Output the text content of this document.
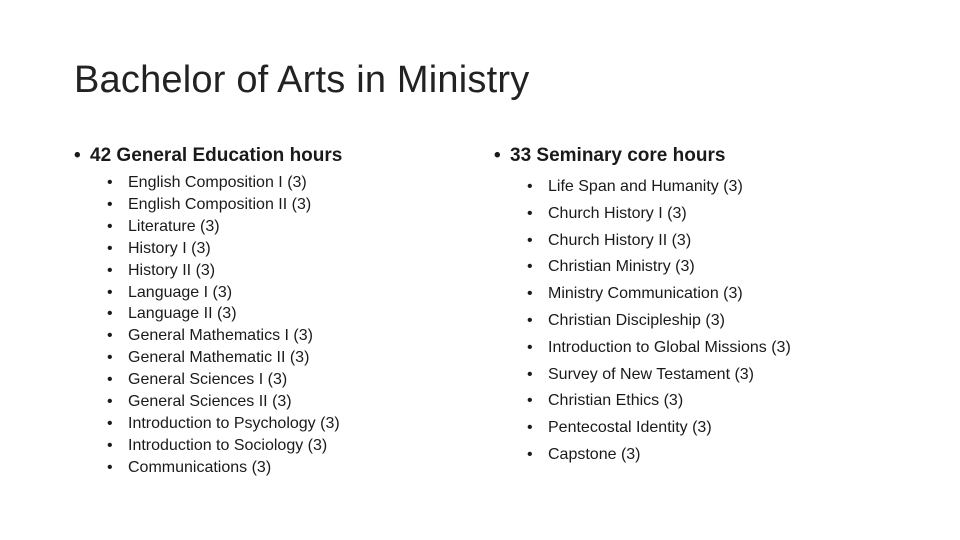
Bachelor of Arts in Ministry
• 42 General Education hours
• English Composition I (3)
• English Composition II (3)
• Literature (3)
• History I (3)
• History II (3)
• Language I (3)
• Language II (3)
• General Mathematics I (3)
• General Mathematic II (3)
• General Sciences I (3)
• General Sciences II (3)
• Introduction to Psychology (3)
• Introduction to Sociology (3)
• Communications (3)
• 33 Seminary core hours
• Life Span and Humanity (3)
• Church History I (3)
• Church History II (3)
• Christian Ministry (3)
• Ministry Communication (3)
• Christian Discipleship (3)
• Introduction to Global Missions (3)
• Survey of New Testament (3)
• Christian Ethics (3)
• Pentecostal Identity (3)
• Capstone (3)
